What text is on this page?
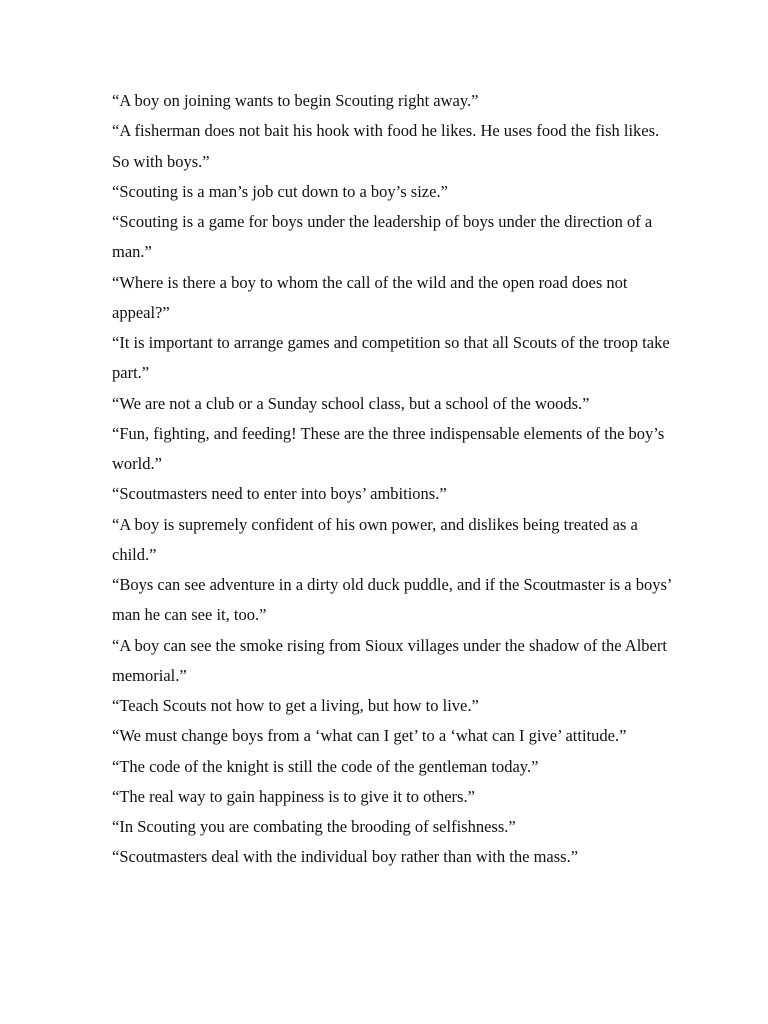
“A boy on joining wants to begin Scouting right away.”

“A fisherman does not bait his hook with food he likes. He uses food the fish likes. So with boys.”

“Scouting is a man’s job cut down to a boy’s size.”

“Scouting is a game for boys under the leadership of boys under the direction of a man.”

“Where is there a boy to whom the call of the wild and the open road does not appeal?”

“It is important to arrange games and competition so that all Scouts of the troop take part.”

“We are not a club or a Sunday school class, but a school of the woods.”

“Fun, fighting, and feeding! These are the three indispensable elements of the boy’s world.”

“Scoutmasters need to enter into boys’ ambitions.”

“A boy is supremely confident of his own power, and dislikes being treated as a child.”

“Boys can see adventure in a dirty old duck puddle, and if the Scoutmaster is a boys’ man he can see it, too.”

“A boy can see the smoke rising from Sioux villages under the shadow of the Albert memorial.”

“Teach Scouts not how to get a living, but how to live.”

“We must change boys from a ‘what can I get’ to a ‘what can I give’ attitude.”

“The code of the knight is still the code of the gentleman today.”

“The real way to gain happiness is to give it to others.”

“In Scouting you are combating the brooding of selfishness.”

“Scoutmasters deal with the individual boy rather than with the mass.”
